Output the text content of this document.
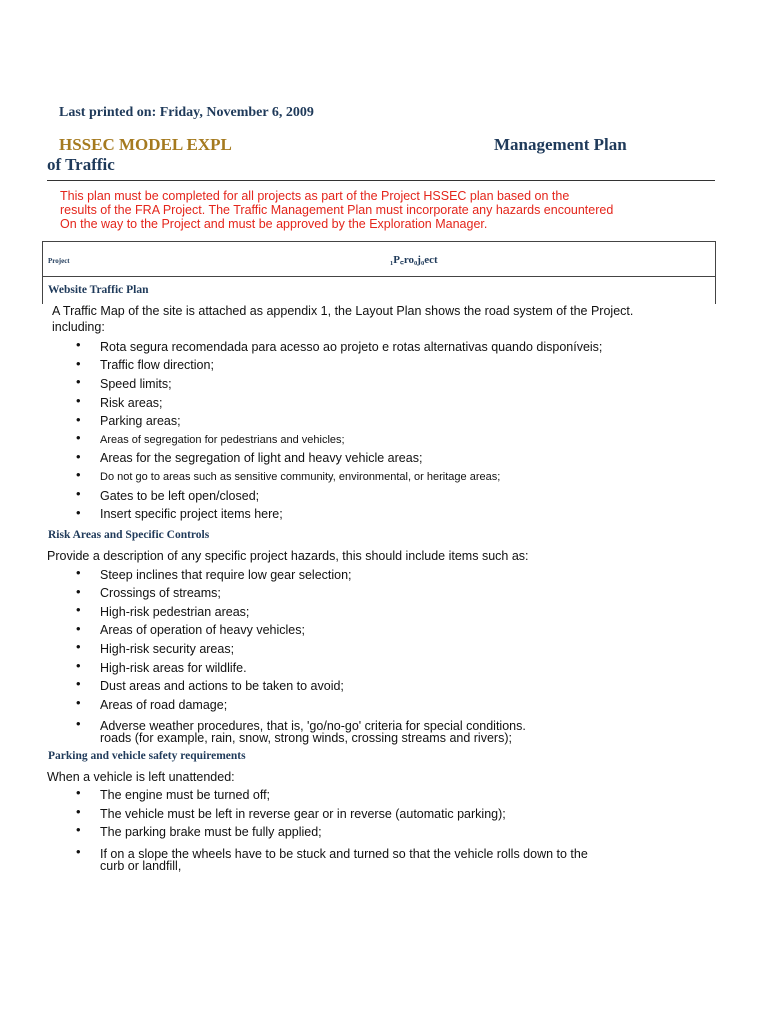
Last printed on: Friday, November 6, 2009

HSSEC MODEL EXPL	Management Plan

of Traffic

This plan must be completed for all projects as part of the Project HSSEC plan based on the

results of the FRA Project. The Traffic Management Plan must incorporate any hazards encountered

On the way to the Project and must be approved by the Exploration Manager.

Project	₁P꜀ro₀j₀ect

Website Traffic Plan

A Traffic Map of the site is attached as appendix 1, the Layout Plan shows the road system of the Project.

including:

• Rota segura recomendada para acesso ao projeto e rotas alternativas quando disponíveis;
• Traffic flow direction;
• Speed limits;
• Risk areas;
• Parking areas;
• Areas of segregation for pedestrians and vehicles;
• Areas for the segregation of light and heavy vehicle areas;
• Do not go to areas such as sensitive community, environmental, or heritage areas;
• Gates to be left open/closed;
• Insert specific project items here;

Risk Areas and Specific Controls

Provide a description of any specific project hazards, this should include items such as:

• Steep inclines that require low gear selection;
• Crossings of streams;
• High-risk pedestrian areas;
• Areas of operation of heavy vehicles;
• High-risk security areas;
• High-risk areas for wildlife.
• Dust areas and actions to be taken to avoid;
• Areas of road damage;
• Adverse weather procedures, that is, 'go/no-go' criteria for special conditions.
roads (for example, rain, snow, strong winds, crossing streams and rivers);

Parking and vehicle safety requirements

When a vehicle is left unattended:

• The engine must be turned off;
• The vehicle must be left in reverse gear or in reverse (automatic parking);
• The parking brake must be fully applied;
• If on a slope the wheels have to be stuck and turned so that the vehicle rolls down to the
curb or landfill,
